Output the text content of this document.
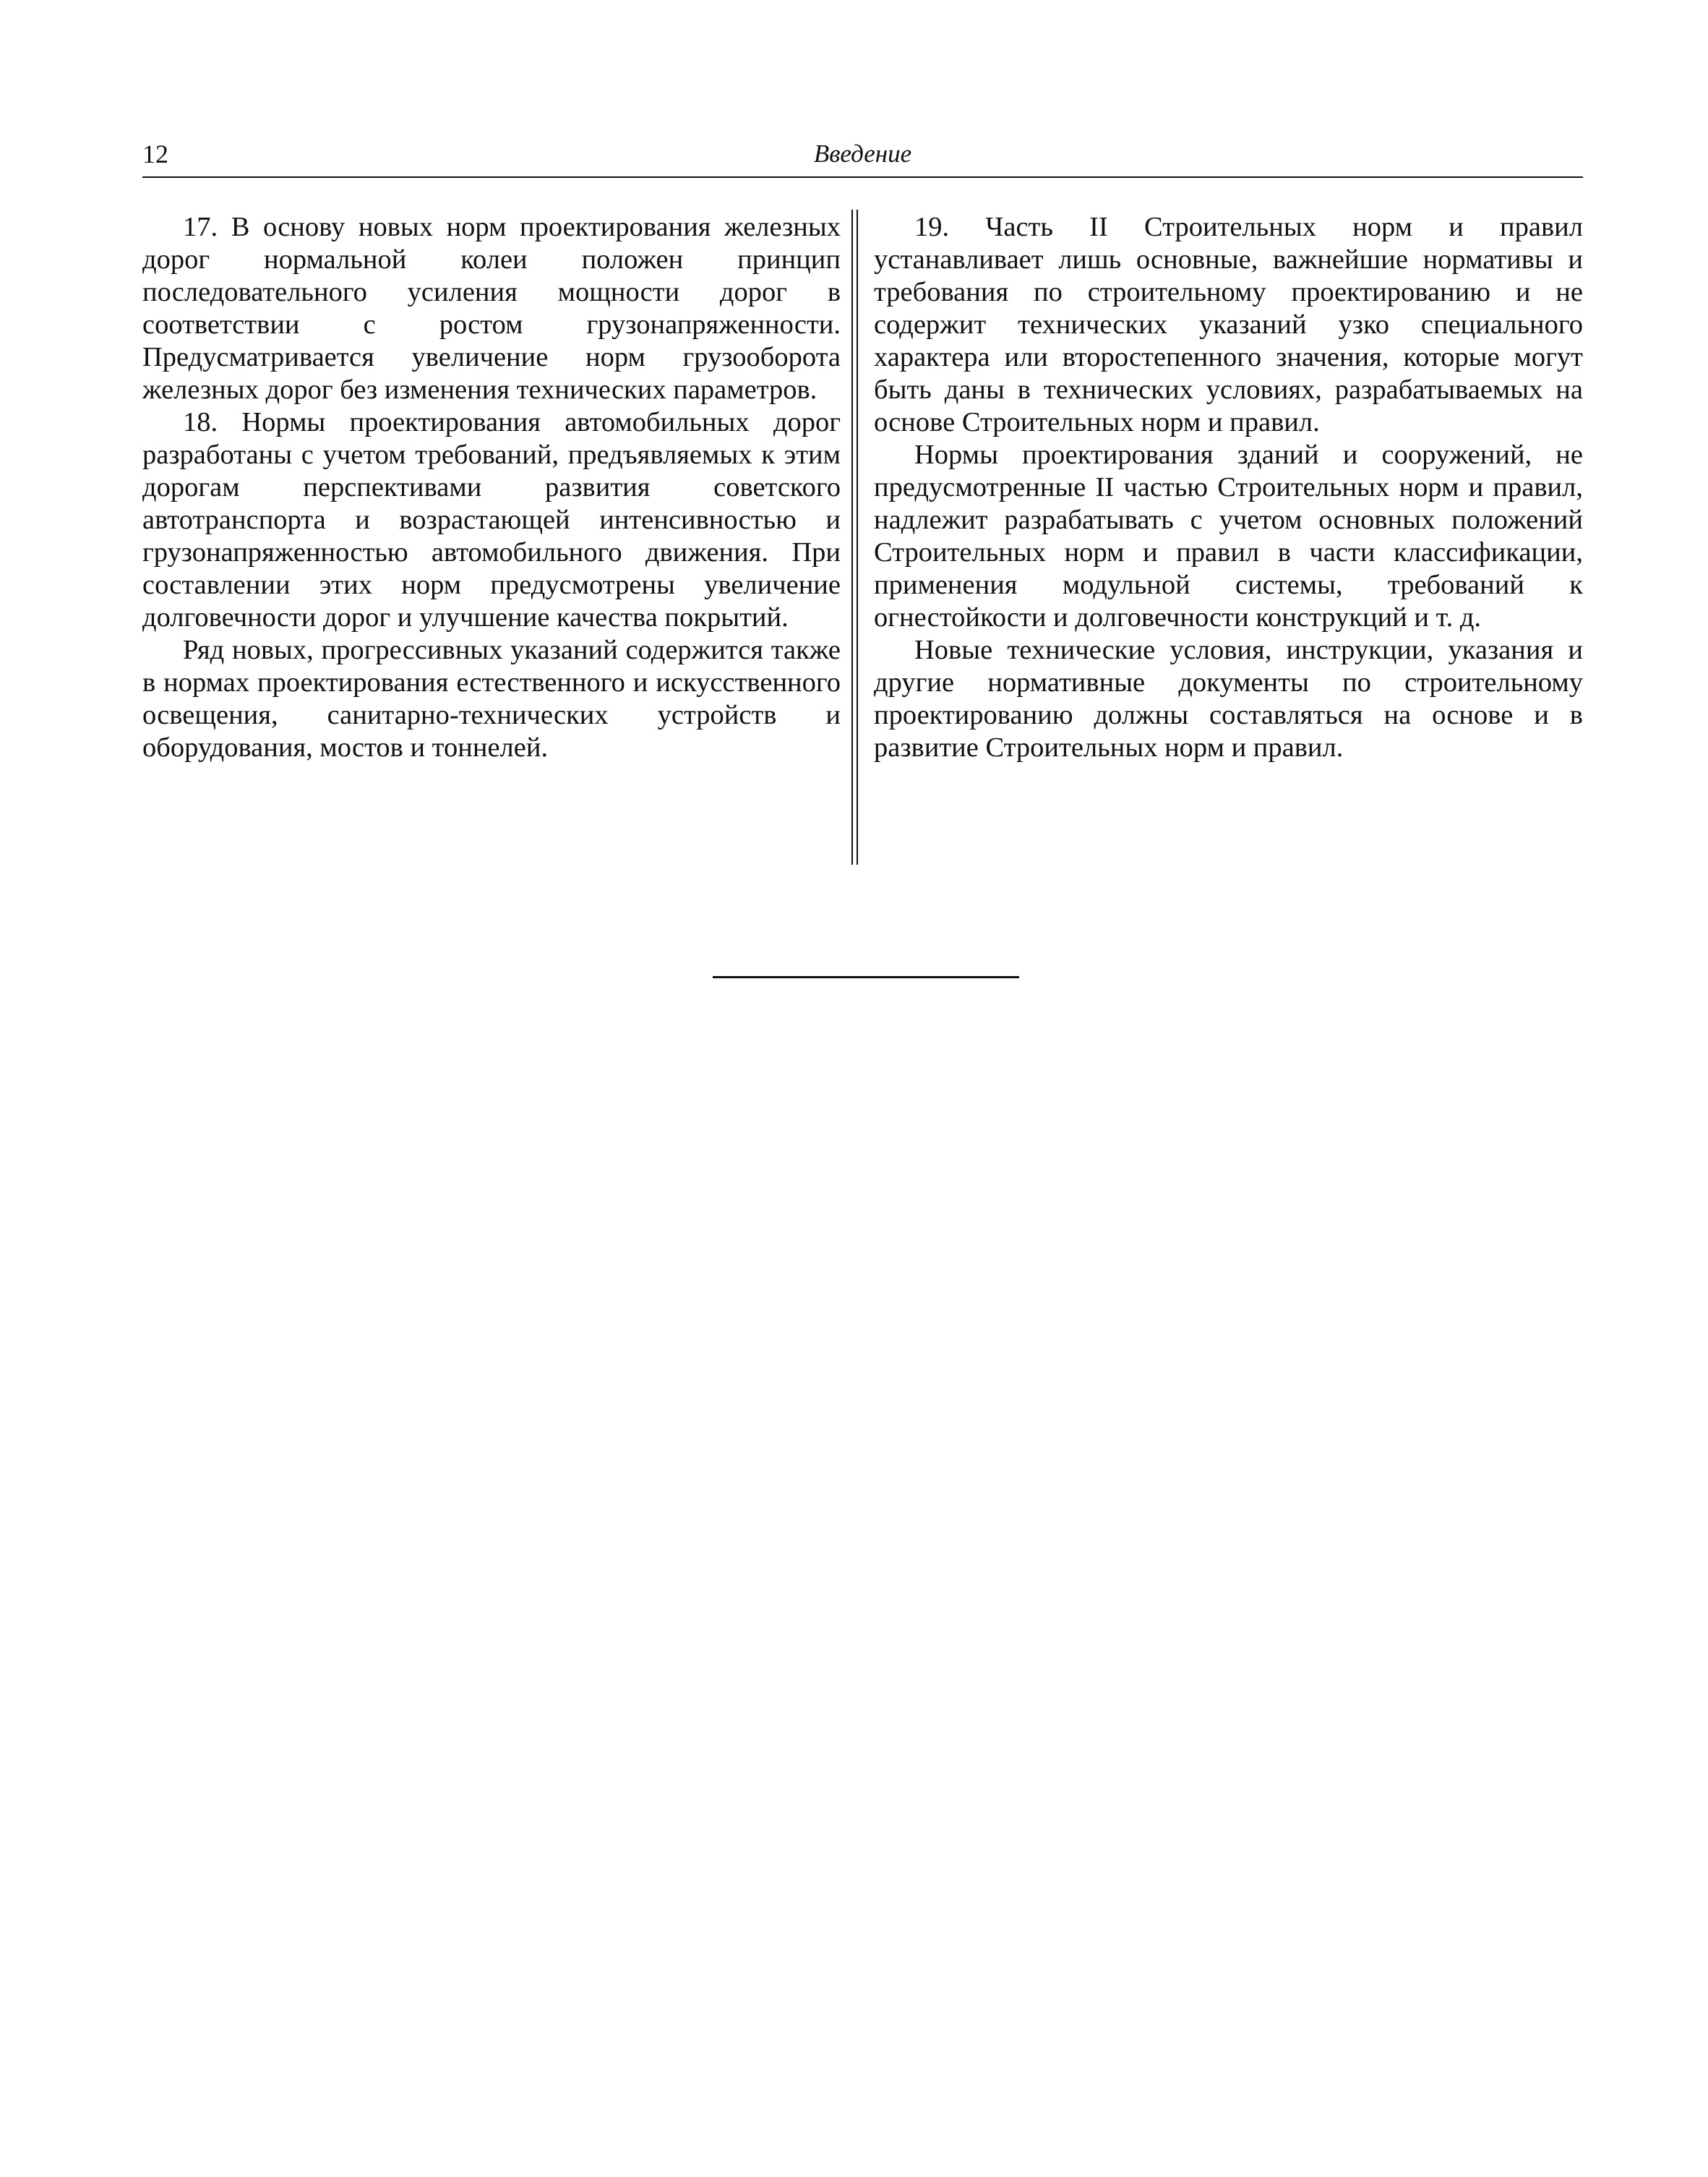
12	Введение

17. В основу новых норм проектирования железных дорог нормальной колеи положен принцип последовательного усиления мощности дорог в соответствии с ростом грузонапряженности. Предусматривается увеличение норм грузооборота железных дорог без изменения технических параметров.

18. Нормы проектирования автомобильных дорог разработаны с учетом требований, предъявляемых к этим дорогам перспективами развития советского автотранспорта и возрастающей интенсивностью и грузонапряженностью автомобильного движения. При составлении этих норм предусмотрены увеличение долговечности дорог и улучшение качества покрытий.

Ряд новых, прогрессивных указаний содержится также в нормах проектирования естественного и искусственного освещения, санитарно-технических устройств и оборудования, мостов и тоннелей.

19. Часть II Строительных норм и правил устанавливает лишь основные, важнейшие нормативы и требования по строительному проектированию и не содержит технических указаний узко специального характера или второстепенного значения, которые могут быть даны в технических условиях, разрабатываемых на основе Строительных норм и правил.

Нормы проектирования зданий и сооружений, не предусмотренные II частью Строительных норм и правил, надлежит разрабатывать с учетом основных положений Строительных норм и правил в части классификации, применения модульной системы, требований к огнестойкости и долговечности конструкций и т. д.

Новые технические условия, инструкции, указания и другие нормативные документы по строительному проектированию должны составляться на основе и в развитие Строительных норм и правил.
